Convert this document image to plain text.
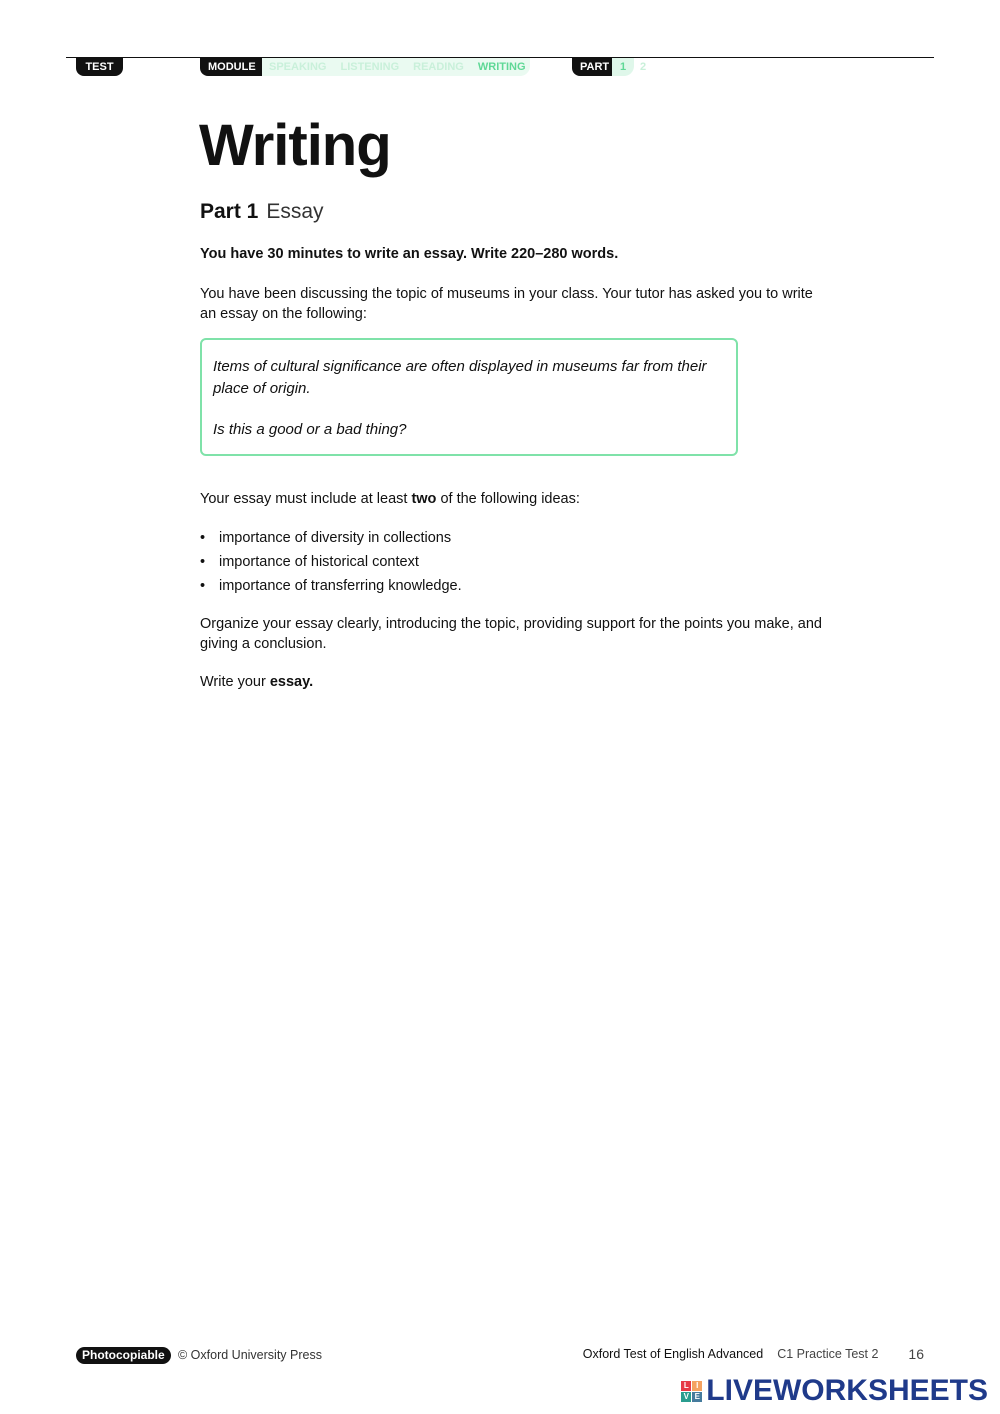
TEST 2
MODULE	SPEAKING	LISTENING	READING	WRITING	PART 1	2
Writing
Part 1 Essay

You have 30 minutes to write an essay. Write 220–280 words.

You have been discussing the topic of museums in your class. Your tutor has asked you to write an essay on the following:

Items of cultural significance are often displayed in museums far from their place of origin.

Is this a good or a bad thing?

Your essay must include at least two of the following ideas:

• importance of diversity in collections
• importance of historical context
• importance of transferring knowledge.

Organize your essay clearly, introducing the topic, providing support for the points you make, and giving a conclusion.

Write your essay.

Photocopiable	© Oxford University Press	Oxford Test of English Advanced C1 Practice Test 2 16
L I
V E LIVEWORKSHEETS
